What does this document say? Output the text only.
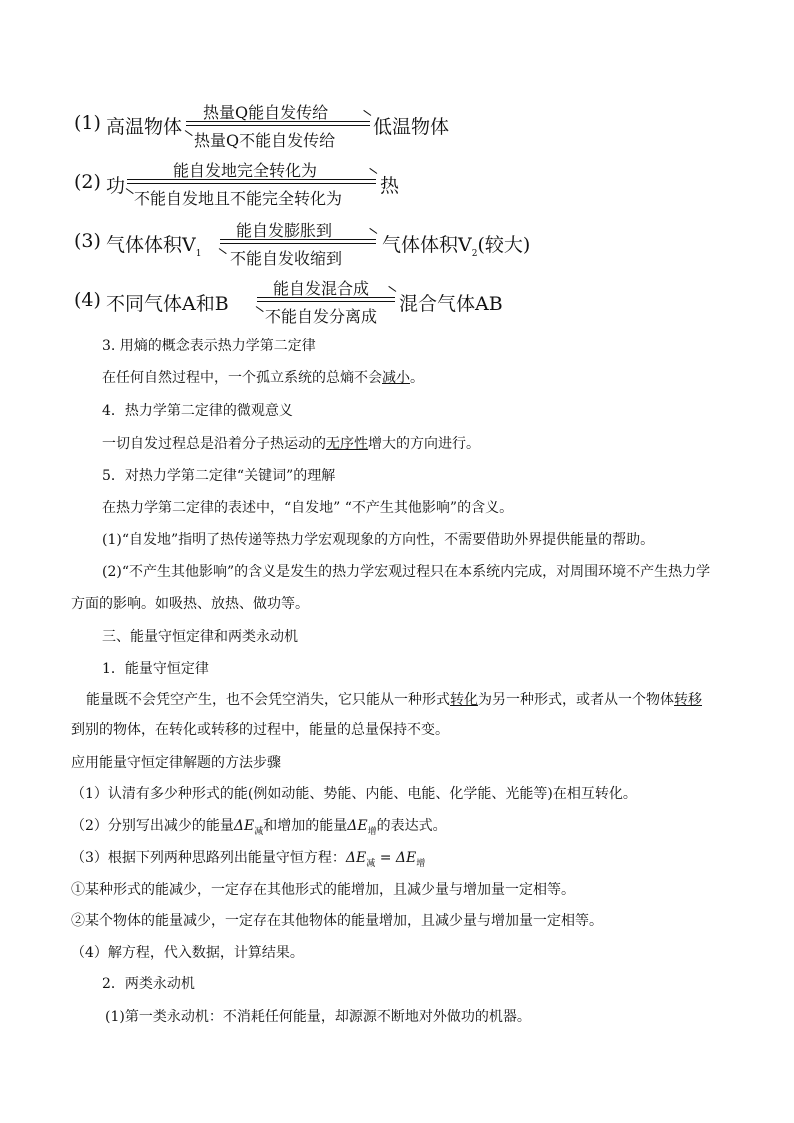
(1) 高温物体
热量Q能自发传给
热量Q不能自发传给
低温物体
(2) 功
能自发地完全转化为
不能自发地且不能完全转化为
热
(3) 气体体积$V_1$
能自发膨胀到
不能自发收缩到
气体体积$V_2$(较大)
(4) 不同气体A和B
能自发混合成
不能自发分离成
混合气体AB
3. 用熵的概念表示热力学第二定律
在任何自然过程中，一个孤立系统的总熵不会减小。
4．热力学第二定律的微观意义
一切自发过程总是沿着分子热运动的无序性增大的方向进行。
5．对热力学第二定律“关键词”的理解
在热力学第二定律的表述中，“自发地” “不产生其他影响”的含义。
(1)“自发地”指明了热传递等热力学宏观现象的方向性，不需要借助外界提供能量的帮助。
(2)“不产生其他影响”的含义是发生的热力学宏观过程只在本系统内完成，对周围环境不产生热力学
方面的影响。如吸热、放热、做功等。
三、能量守恒定律和两类永动机
1．能量守恒定律
能量既不会凭空产生，也不会凭空消失，它只能从一种形式转化为另一种形式，或者从一个物体转移
到别的物体，在转化或转移的过程中，能量的总量保持不变。
应用能量守恒定律解题的方法步骤
（1）认清有多少种形式的能(例如动能、势能、内能、电能、化学能、光能等)在相互转化。
（2）分别写出减少的能量$\Delta E_减$和增加的能量$\Delta E_增$的表达式。
（3）根据下列两种思路列出能量守恒方程：$\Delta E_减 = \Delta E_增$
①某种形式的能减少，一定存在其他形式的能增加，且减少量与增加量一定相等。
②某个物体的能量减少，一定存在其他物体的能量增加，且减少量与增加量一定相等。
（4）解方程，代入数据，计算结果。
2．两类永动机
(1)第一类永动机：不消耗任何能量，却源源不断地对外做功的机器。
